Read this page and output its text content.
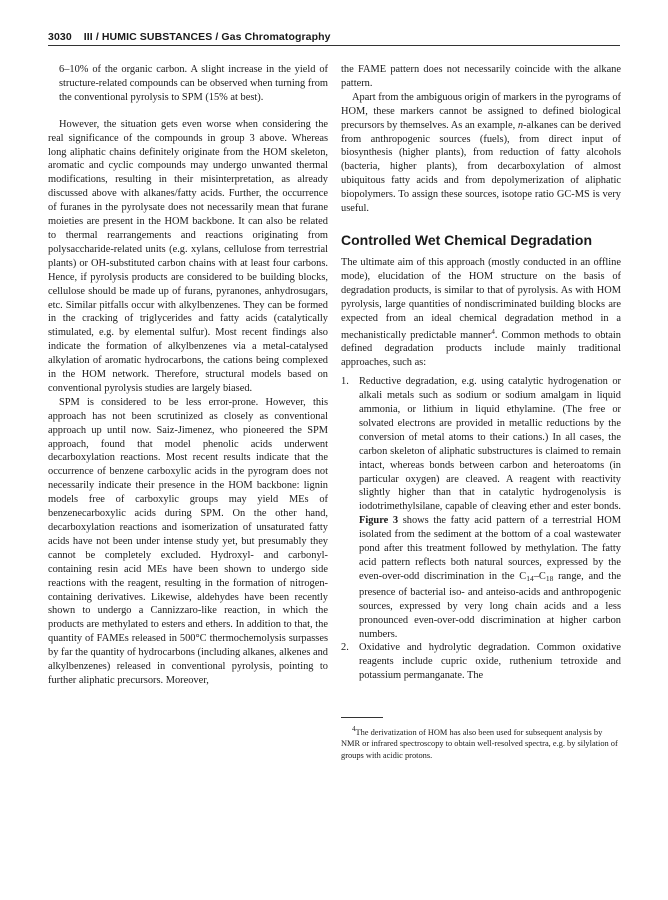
3030 III / HUMIC SUBSTANCES / Gas Chromatography

6–10% of the organic carbon. A slight increase in the yield of structure-related compounds can be observed when turning from the conventional pyrolysis to SPM (15% at best).

However, the situation gets even worse when considering the real significance of the compounds in group 3 above. Whereas long aliphatic chains definitely originate from the HOM skeleton, aromatic and cyclic compounds may undergo unwanted thermal modifications, resulting in their misinterpretation, as already discussed above with alkanes/fatty acids. Further, the occurrence of furanes in the pyrolysate does not necessarily mean that furane moieties are present in the HOM backbone. It can also be related to thermal rearrangements and reactions originating from polysaccharide-related units (e.g. xylans, cellulose from terrestrial plants) or OH-substituted carbon chains with at least four carbons. Hence, if pyrolysis products are considered to be building blocks, cellulose should be made up of furans, pyranones, anhydrosugars, etc. Similar pitfalls occur with alkylbenzenes. They can be formed in the cracking of triglycerides and fatty acids (catalytically stimulated, e.g. by elemental sulfur). Most recent findings also indicate the formation of alkylbenzenes via a metal-catalysed alkylation of aromatic hydrocarbons, the cations being complexed in the HOM network. Therefore, structural models based on conventional pyrolysis studies are largely biased.

SPM is considered to be less error-prone. However, this approach has not been scrutinized as closely as conventional approach up until now. Saiz-Jimenez, who pioneered the SPM approach, found that model phenolic acids underwent decarboxylation reactions. Most recent results indicate that the occurrence of benzene carboxylic acids in the pyrogram does not necessarily indicate their presence in the HOM backbone: lignin models free of carboxylic groups may yield MEs of benzenecarboxylic acids during SPM. On the other hand, decarboxylation reactions and isomerization of unsaturated fatty acids have not been under intense study yet, but presumably they cannot be completely excluded. Hydroxyl- and carbonyl-containing resin acid MEs have been shown to undergo side reactions with the reagent, resulting in the formation of nitrogen-containing derivatives. Likewise, aldehydes have been recently shown to undergo a Cannizzaro-like reaction, in which the products are methylated to esters and ethers. In addition to that, the quantity of FAMEs released in 500°C thermochemolysis surpasses by far the quantity of hydrocarbons (including alkanes, alkenes and alkylbenzenes) released in conventional pyrolysis, pointing to further aliphatic precursors. Moreover,

the FAME pattern does not necessarily coincide with the alkane pattern.

Apart from the ambiguous origin of markers in the pyrograms of HOM, these markers cannot be assigned to defined biological precursors by themselves. As an example, n-alkanes can be derived from anthropogenic sources (fuels), from direct input of biosynthesis (higher plants), from reduction of fatty alcohols (bacteria, higher plants), from decarboxylation of almost ubiquitous fatty acids and from depolymerization of aliphatic biopolymers. To assign these sources, isotope ratio GC-MS is very useful.

Controlled Wet Chemical Degradation

The ultimate aim of this approach (mostly conducted in an offline mode), elucidation of the HOM structure on the basis of degradation products, is similar to that of pyrolysis. As with HOM pyrolysis, large quantities of nondiscriminated building blocks are expected from an ideal chemical degradation method in a mechanistically predictable manner$^4$. Common methods to obtain defined degradation products include mainly traditional approaches, such as:

1. Reductive degradation, e.g. using catalytic hydrogenation or alkali metals such as sodium or sodium amalgam in liquid ammonia, or lithium in liquid ethylamine. (The free or solvated electrons are provided in metallic reductions by the conversion of metal atoms to their cations.) In all cases, the carbon skeleton of aliphatic substructures is claimed to remain intact, whereas bonds between carbon and heteroatoms (in particular oxygen) are cleaved. A reagent with reactivity slightly higher than that in catalytic hydrogenolysis is iodotrimethylsilane, capable of cleaving ether and ester bonds. Figure 3 shows the fatty acid pattern of a terrestrial HOM isolated from the sediment at the bottom of a coal wastewater pond after this treatment followed by methylation. The fatty acid pattern reflects both natural sources, expressed by the even-over-odd discrimination in the $C_{14}-C_{18}$ range, and the presence of bacterial iso- and anteiso-acids and anthropogenic sources, expressed by very long chain acids and a less pronounced even-over-odd discrimination at higher carbon numbers.
2. Oxidative and hydrolytic degradation. Common oxidative reagents include cupric oxide, ruthenium tetroxide and potassium permanganate. The

$^4$The derivatization of HOM has also been used for subsequent analysis by NMR or infrared spectroscopy to obtain well-resolved spectra, e.g. by silylation of groups with acidic protons.
